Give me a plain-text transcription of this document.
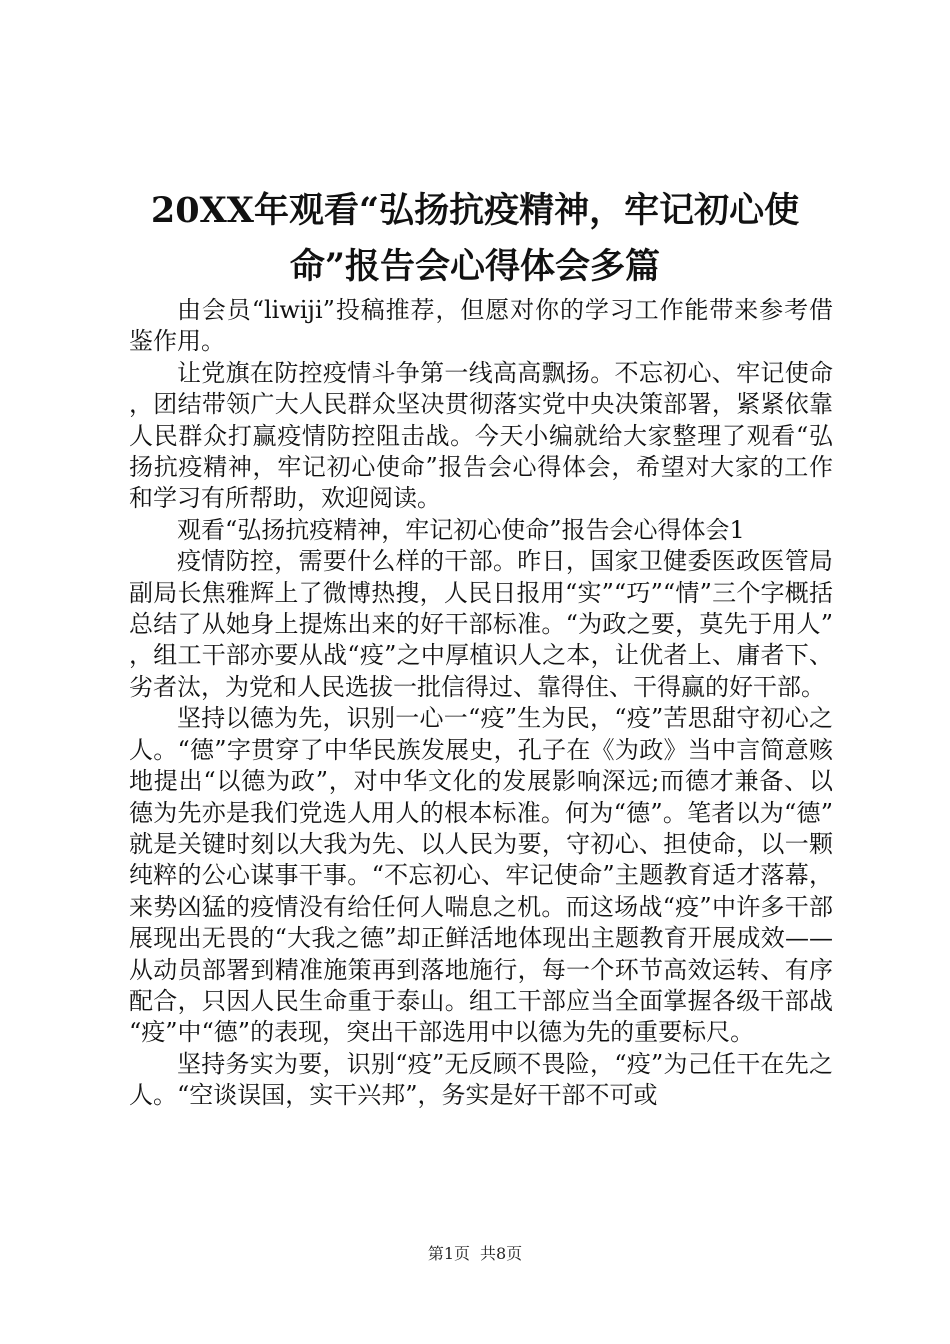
20XX年观看“弘扬抗疫精神，牢记初心使
命”报告会心得体会多篇

由会员“liwiji”投稿推荐，但愿对你的学习工作能带来参考借鉴作用。

让党旗在防控疫情斗争第一线高高飘扬。不忘初心、牢记使命，团结带领广大人民群众坚决贯彻落实党中央决策部署，紧紧依靠人民群众打赢疫情防控阻击战。今天小编就给大家整理了观看“弘扬抗疫精神，牢记初心使命”报告会心得体会，希望对大家的工作和学习有所帮助，欢迎阅读。

观看“弘扬抗疫精神，牢记初心使命”报告会心得体会1

疫情防控，需要什么样的干部。昨日，国家卫健委医政医管局副局长焦雅辉上了微博热搜，人民日报用“实”“巧”“情”三个字概括总结了从她身上提炼出来的好干部标准。“为政之要，莫先于用人”，组工干部亦要从战“疫”之中厚植识人之本，让优者上、庸者下、劣者汰，为党和人民选拔一批信得过、靠得住、干得赢的好干部。

坚持以德为先，识别一心一“疫”生为民，“疫”苦思甜守初心之人。“德”字贯穿了中华民族发展史，孔子在《为政》当中言简意赅地提出“以德为政”，对中华文化的发展影响深远;而德才兼备、以德为先亦是我们党选人用人的根本标准。何为“德”。笔者以为“德”就是关键时刻以大我为先、以人民为要，守初心、担使命，以一颗纯粹的公心谋事干事。“不忘初心、牢记使命”主题教育适才落幕，来势凶猛的疫情没有给任何人喘息之机。而这场战“疫”中许多干部展现出无畏的“大我之德”却正鲜活地体现出主题教育开展成效——从动员部署到精准施策再到落地施行，每一个环节高效运转、有序配合，只因人民生命重于泰山。组工干部应当全面掌握各级干部战“疫”中“德”的表现，突出干部选用中以德为先的重要标尺。

坚持务实为要，识别“疫”无反顾不畏险，“疫”为己任干在先之人。“空谈误国，实干兴邦”，务实是好干部不可或

第1页 共8页
